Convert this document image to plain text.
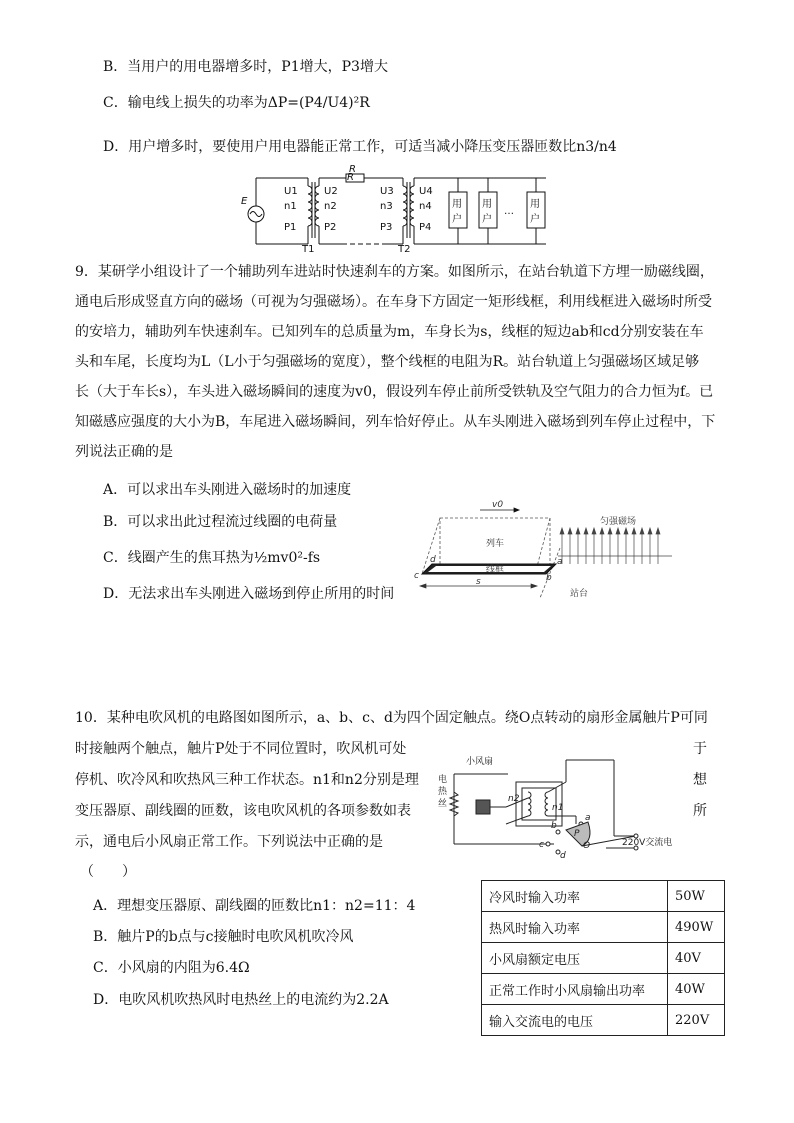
B．当用户的用电器增多时，P1增大，P3增大
C．输电线上损失的功率为ΔP=(P4/U4)²R
D．用户增多时，要使用户用电器能正常工作，可适当减小降压变压器匝数比n3/n4
E
R
U1
n1
P1
U2
n2
P2
U3
n3
P3
U4
n4
P4
T1	T2
用
户
用
户
用
户
…
R
9．某研学小组设计了一个辅助列车进站时快速刹车的方案。如图所示，在站台轨道下方埋一励磁线圈，
通电后形成竖直方向的磁场（可视为匀强磁场）。在车身下方固定一矩形线框，利用线框进入磁场时所受
的安培力，辅助列车快速刹车。已知列车的总质量为m，车身长为s，线框的短边ab和cd分别安装在车
头和车尾，长度均为L（L小于匀强磁场的宽度），整个线框的电阻为R。站台轨道上匀强磁场区域足够
长（大于车长s），车头进入磁场瞬间的速度为v0，假设列车停止前所受铁轨及空气阻力的合力恒为f。已
知磁感应强度的大小为B，车尾进入磁场瞬间，列车恰好停止。从车头刚进入磁场到列车停止过程中，下
列说法正确的是
A．可以求出车头刚进入磁场时的加速度
B．可以求出此过程流过线圈的电荷量
C．线圈产生的焦耳热为½mv0²-fs
D．无法求出车头刚进入磁场到停止所用的时间
v0
列车
线框
匀强磁场
站台
s
a
b
c
d
10．某种电吹风机的电路图如图所示，a、b、c、d为四个固定触点。绕O点转动的扇形金属触片P可同
时接触两个触点，触片P处于不同位置时，吹风机可处
停机、吹冷风和吹热风三种工作状态。n1和n2分别是理
变压器原、副线圈的匝数，该电吹风机的各项参数如表
示，通电后小风扇正常工作。下列说法中正确的是
（　　）
于
想
所
A．理想变压器原、副线圈的匝数比n1：n2=11：4
B．触片P的b点与c接触时电吹风机吹冷风
C．小风扇的内阻为6.4Ω
D．电吹风机吹热风时电热丝上的电流约为2.2A
小风扇
电
热
丝	n2
n1
P
O
a
b
c
d
220V交流电
冷风时输入功率	50W
热风时输入功率	490W
小风扇额定电压	40V
正常工作时小风扇输出功率	40W
输入交流电的电压	220V
